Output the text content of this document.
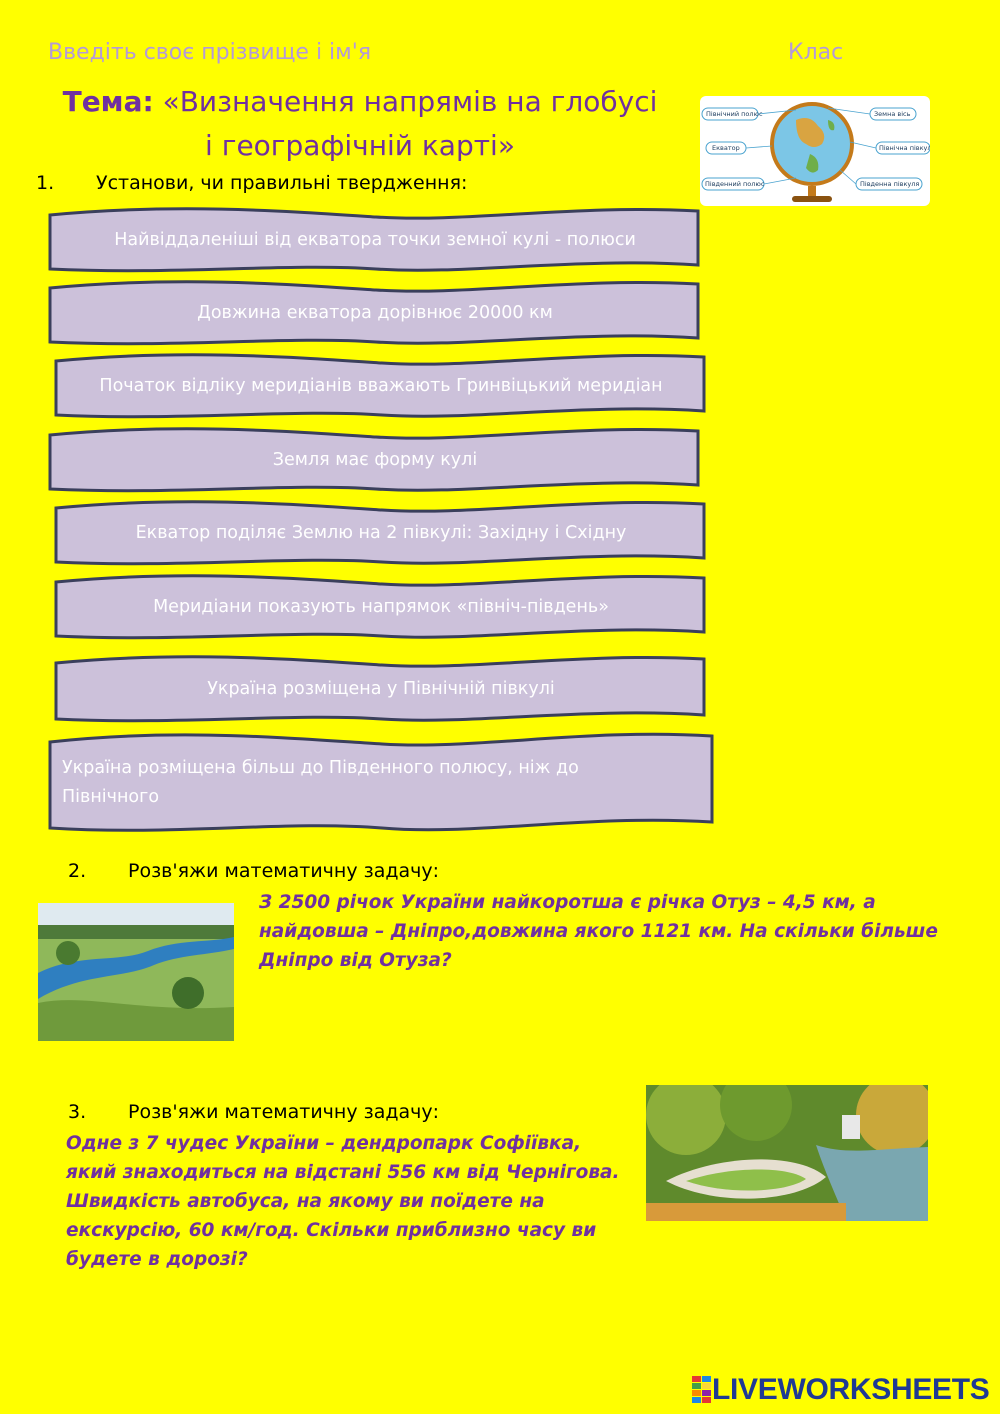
Введіть своє прізвище і ім'я	Клас
Тема: «Визначення напрямів на глобусі і географічній карті»
Північний полюс
Екватор
Південний полюс
Земна вісь
Північна півкуля
Південна півкуля
1. Установи, чи правильні твердження:
Найвіддаленіші від екватора точки земної кулі - полюси
Довжина екватора дорівнює 20000 км
Початок відліку меридіанів вважають Гринвіцький меридіан
Земля має форму кулі
Екватор поділяє Землю на 2 півкулі: Західну і Східну
Меридіани показують напрямок «північ-південь»
Україна розміщена у Північній півкулі
Україна розміщена більш до Південного полюсу, ніж до Північного
2. Розв'яжи математичну задачу:
З 2500 річок України найкоротша є річка Отуз – 4,5 км, а найдовша – Дніпро,довжина якого 1121 км. На скільки більше Дніпро від Отуза?
3. Розв'яжи математичну задачу:
Одне з 7 чудес України – дендропарк Софіївка, який знаходиться на відстані 556 км від Чернігова. Швидкість автобуса, на якому ви поїдете на екскурсію, 60 км/год. Скільки приблизно часу ви будете в дорозі?
LIVEWORKSHEETS
